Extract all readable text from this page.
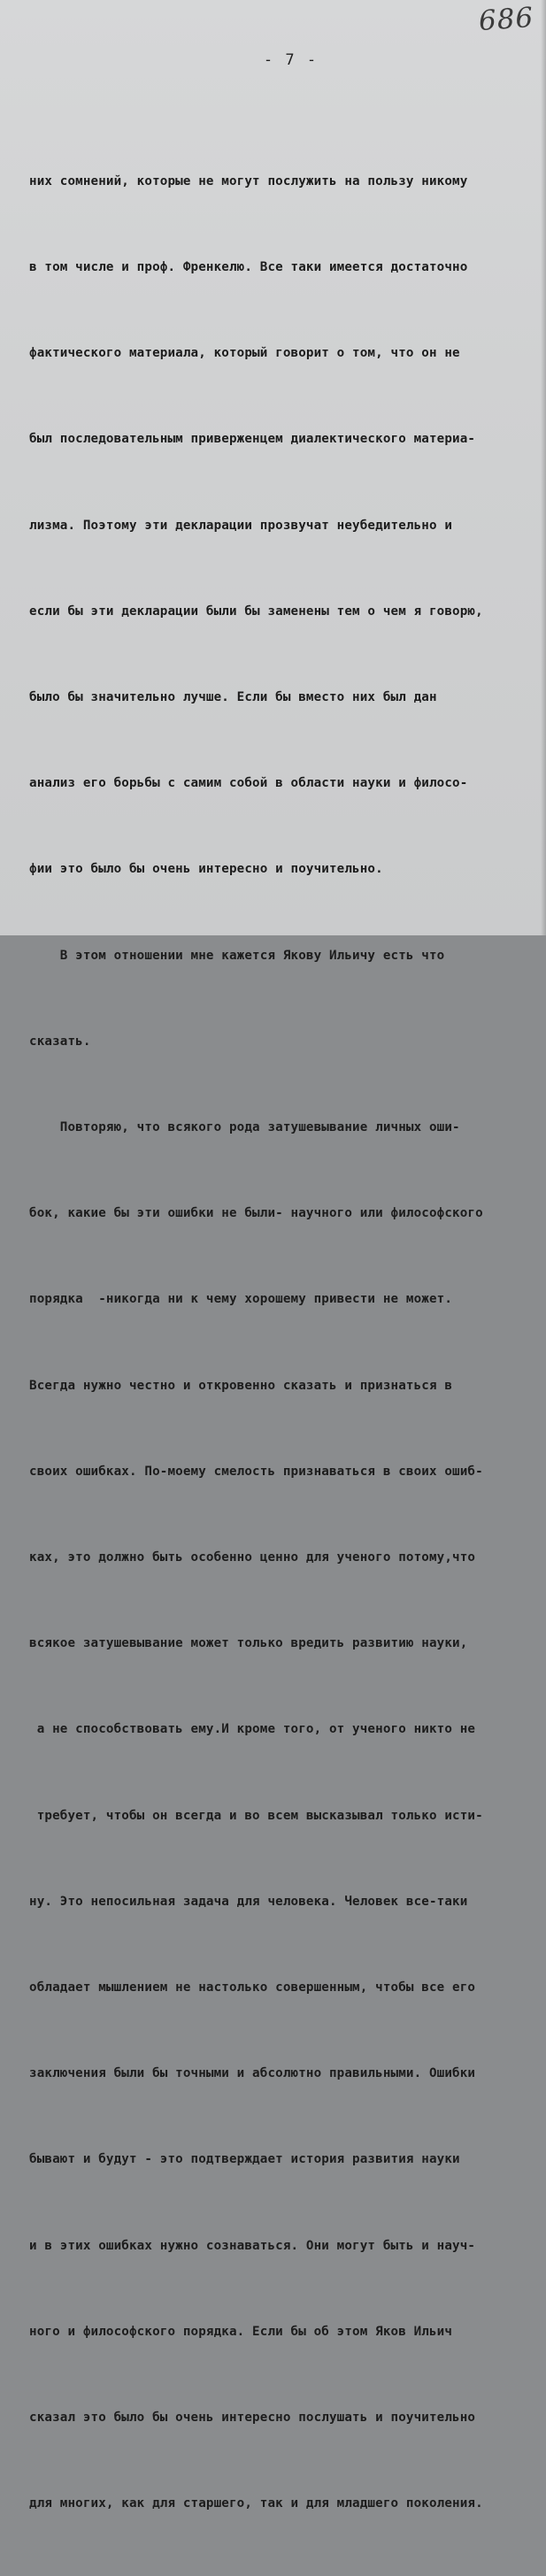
686
- 7 -

них сомнений, которые не могут послужить на пользу никому

в том числе и проф. Френкелю. Все таки имеется достаточно

фактического материала, который говорит о том, что он не

был последовательным приверженцем диалектического материа-

лизма. Поэтому эти декларации прозвучат неубедительно и

если бы эти декларации были бы заменены тем о чем я говорю,

было бы значительно лучше. Если бы вместо них был дан

анализ его борьбы с самим собой в области науки и филосо-

фии это было бы очень интересно и поучительно.

В этом отношении мне кажется Якову Ильичу есть что

сказать.

Повторяю, что всякого рода затушевывание личных оши-

бок, какие бы эти ошибки не были- научного или философского

порядка  -никогда ни к чему хорошему привести не может.

Всегда нужно честно и откровенно сказать и признаться в

своих ошибках. По-моему смелость признаваться в своих ошиб-

ках, это должно быть особенно ценно для ученого потому,что

всякое затушевывание может только вредить развитию науки,

а не способствовать ему.И кроме того, от ученого никто не

требует, чтобы он всегда и во всем высказывал только исти-

ну. Это непосильная задача для человека. Человек все-таки

обладает мышлением не настолько совершенным, чтобы все его

заключения были бы точными и абсолютно правильными. Ошибки

бывают и будут - это подтверждает история развития науки

и в этих ошибках нужно сознаваться. Они могут быть и науч-

ного и философского порядка. Если бы об этом Яков Ильич

сказал это было бы очень интересно послушать и поучительно

для многих, как для старшего, так и для младшего поколения.
